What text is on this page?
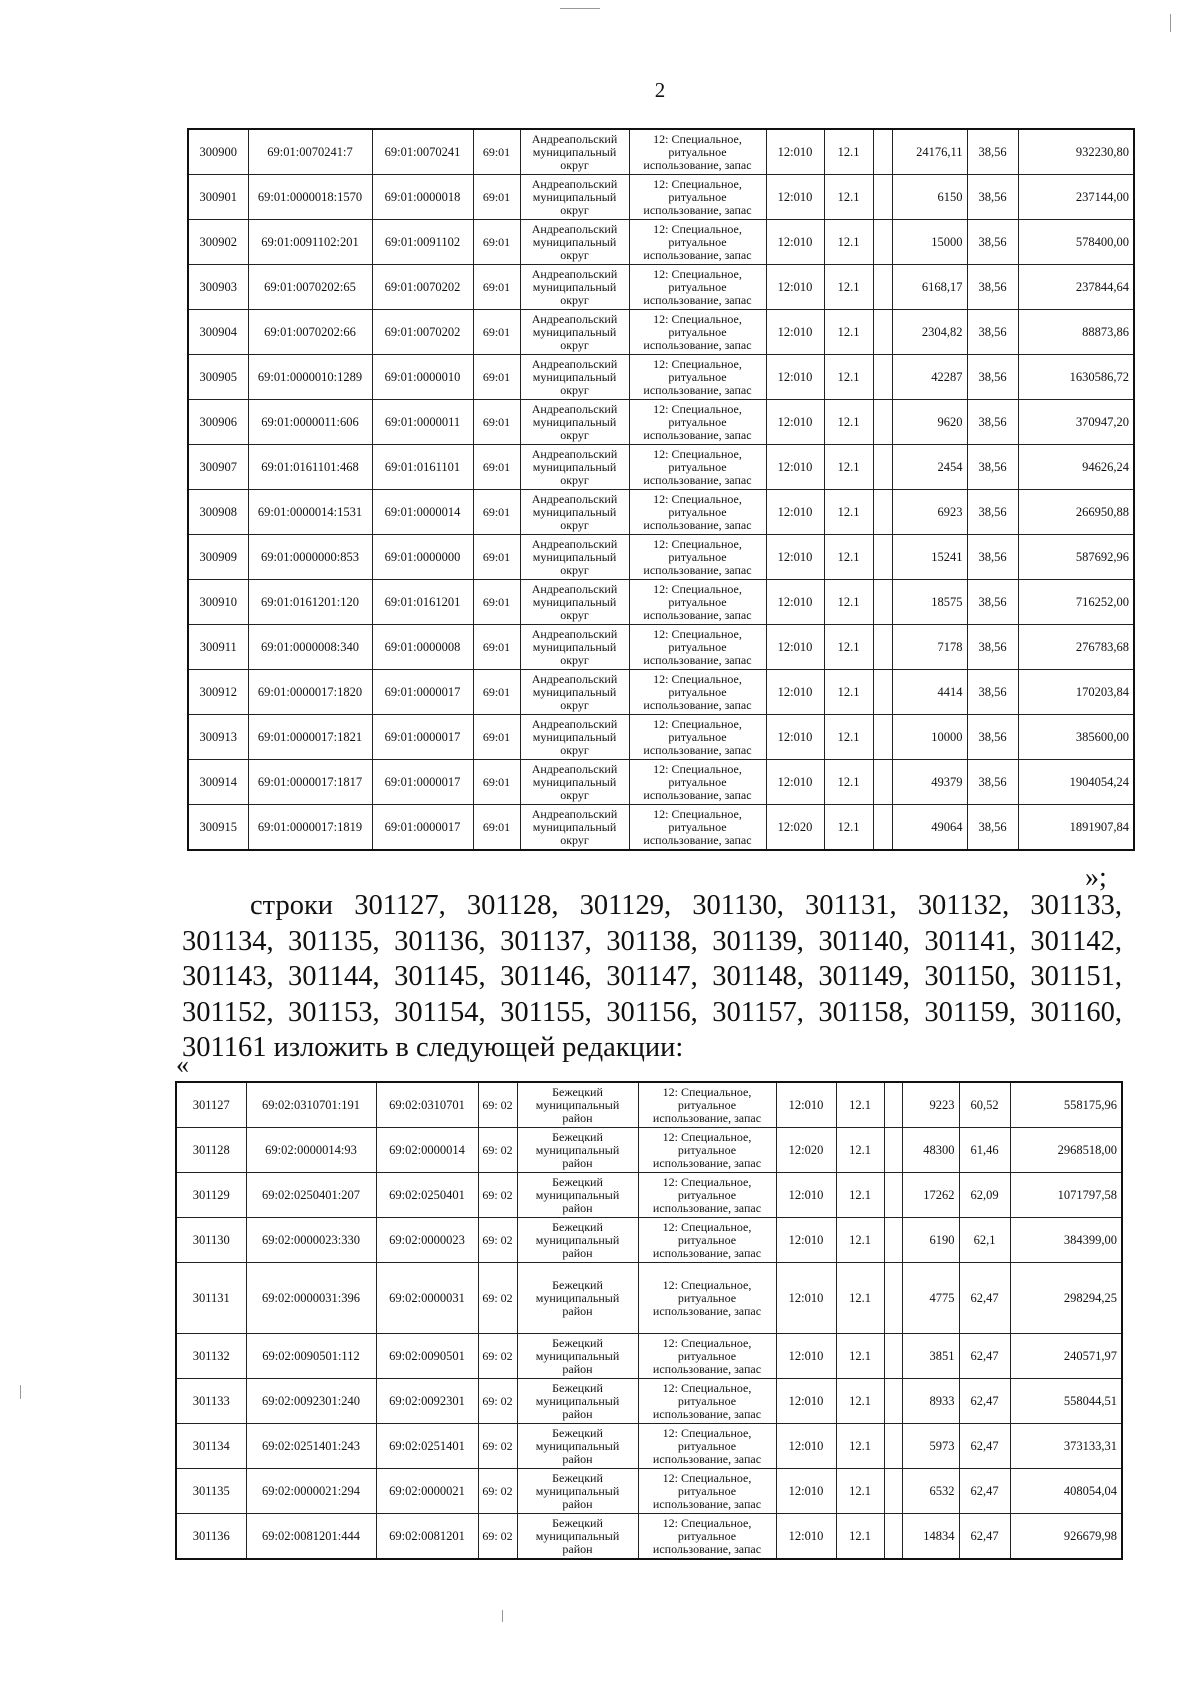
2
300900	69:01:0070241:7	69:01:0070241	69:01	Андреапольский муниципальный округ	12: Специальное, ритуальное использование, запас	12:010	12.1		24176,11	38,56	932230,80
300901	69:01:0000018:1570	69:01:0000018	69:01	Андреапольский муниципальный округ	12: Специальное, ритуальное использование, запас	12:010	12.1		6150	38,56	237144,00
300902	69:01:0091102:201	69:01:0091102	69:01	Андреапольский муниципальный округ	12: Специальное, ритуальное использование, запас	12:010	12.1		15000	38,56	578400,00
300903	69:01:0070202:65	69:01:0070202	69:01	Андреапольский муниципальный округ	12: Специальное, ритуальное использование, запас	12:010	12.1		6168,17	38,56	237844,64
300904	69:01:0070202:66	69:01:0070202	69:01	Андреапольский муниципальный округ	12: Специальное, ритуальное использование, запас	12:010	12.1		2304,82	38,56	88873,86
300905	69:01:0000010:1289	69:01:0000010	69:01	Андреапольский муниципальный округ	12: Специальное, ритуальное использование, запас	12:010	12.1		42287	38,56	1630586,72
300906	69:01:0000011:606	69:01:0000011	69:01	Андреапольский муниципальный округ	12: Специальное, ритуальное использование, запас	12:010	12.1		9620	38,56	370947,20
300907	69:01:0161101:468	69:01:0161101	69:01	Андреапольский муниципальный округ	12: Специальное, ритуальное использование, запас	12:010	12.1		2454	38,56	94626,24
300908	69:01:0000014:1531	69:01:0000014	69:01	Андреапольский муниципальный округ	12: Специальное, ритуальное использование, запас	12:010	12.1		6923	38,56	266950,88
300909	69:01:0000000:853	69:01:0000000	69:01	Андреапольский муниципальный округ	12: Специальное, ритуальное использование, запас	12:010	12.1		15241	38,56	587692,96
300910	69:01:0161201:120	69:01:0161201	69:01	Андреапольский муниципальный округ	12: Специальное, ритуальное использование, запас	12:010	12.1		18575	38,56	716252,00
300911	69:01:0000008:340	69:01:0000008	69:01	Андреапольский муниципальный округ	12: Специальное, ритуальное использование, запас	12:010	12.1		7178	38,56	276783,68
300912	69:01:0000017:1820	69:01:0000017	69:01	Андреапольский муниципальный округ	12: Специальное, ритуальное использование, запас	12:010	12.1		4414	38,56	170203,84
300913	69:01:0000017:1821	69:01:0000017	69:01	Андреапольский муниципальный округ	12: Специальное, ритуальное использование, запас	12:010	12.1		10000	38,56	385600,00
300914	69:01:0000017:1817	69:01:0000017	69:01	Андреапольский муниципальный округ	12: Специальное, ритуальное использование, запас	12:010	12.1		49379	38,56	1904054,24
300915	69:01:0000017:1819	69:01:0000017	69:01	Андреапольский муниципальный округ	12: Специальное, ритуальное использование, запас	12:020	12.1		49064	38,56	1891907,84
»;
строки 301127, 301128, 301129, 301130, 301131, 301132, 301133, 301134, 301135, 301136, 301137, 301138, 301139, 301140, 301141, 301142, 301143, 301144, 301145, 301146, 301147, 301148, 301149, 301150, 301151, 301152, 301153, 301154, 301155, 301156, 301157, 301158, 301159, 301160, 301161 изложить в следующей редакции:
«
301127	69:02:0310701:191	69:02:0310701	69: 02	Бежецкий муниципальный район	12: Специальное, ритуальное использование, запас	12:010	12.1		9223	60,52	558175,96
301128	69:02:0000014:93	69:02:0000014	69: 02	Бежецкий муниципальный район	12: Специальное, ритуальное использование, запас	12:020	12.1		48300	61,46	2968518,00
301129	69:02:0250401:207	69:02:0250401	69: 02	Бежецкий муниципальный район	12: Специальное, ритуальное использование, запас	12:010	12.1		17262	62,09	1071797,58
301130	69:02:0000023:330	69:02:0000023	69: 02	Бежецкий муниципальный район	12: Специальное, ритуальное использование, запас	12:010	12.1		6190	62,1	384399,00
301131	69:02:0000031:396	69:02:0000031	69: 02	Бежецкий муниципальный район	12: Специальное, ритуальное использование, запас	12:010	12.1		4775	62,47	298294,25
301132	69:02:0090501:112	69:02:0090501	69: 02	Бежецкий муниципальный район	12: Специальное, ритуальное использование, запас	12:010	12.1		3851	62,47	240571,97
301133	69:02:0092301:240	69:02:0092301	69: 02	Бежецкий муниципальный район	12: Специальное, ритуальное использование, запас	12:010	12.1		8933	62,47	558044,51
301134	69:02:0251401:243	69:02:0251401	69: 02	Бежецкий муниципальный район	12: Специальное, ритуальное использование, запас	12:010	12.1		5973	62,47	373133,31
301135	69:02:0000021:294	69:02:0000021	69: 02	Бежецкий муниципальный район	12: Специальное, ритуальное использование, запас	12:010	12.1		6532	62,47	408054,04
301136	69:02:0081201:444	69:02:0081201	69: 02	Бежецкий муниципальный район	12: Специальное, ритуальное использование, запас	12:010	12.1		14834	62,47	926679,98
